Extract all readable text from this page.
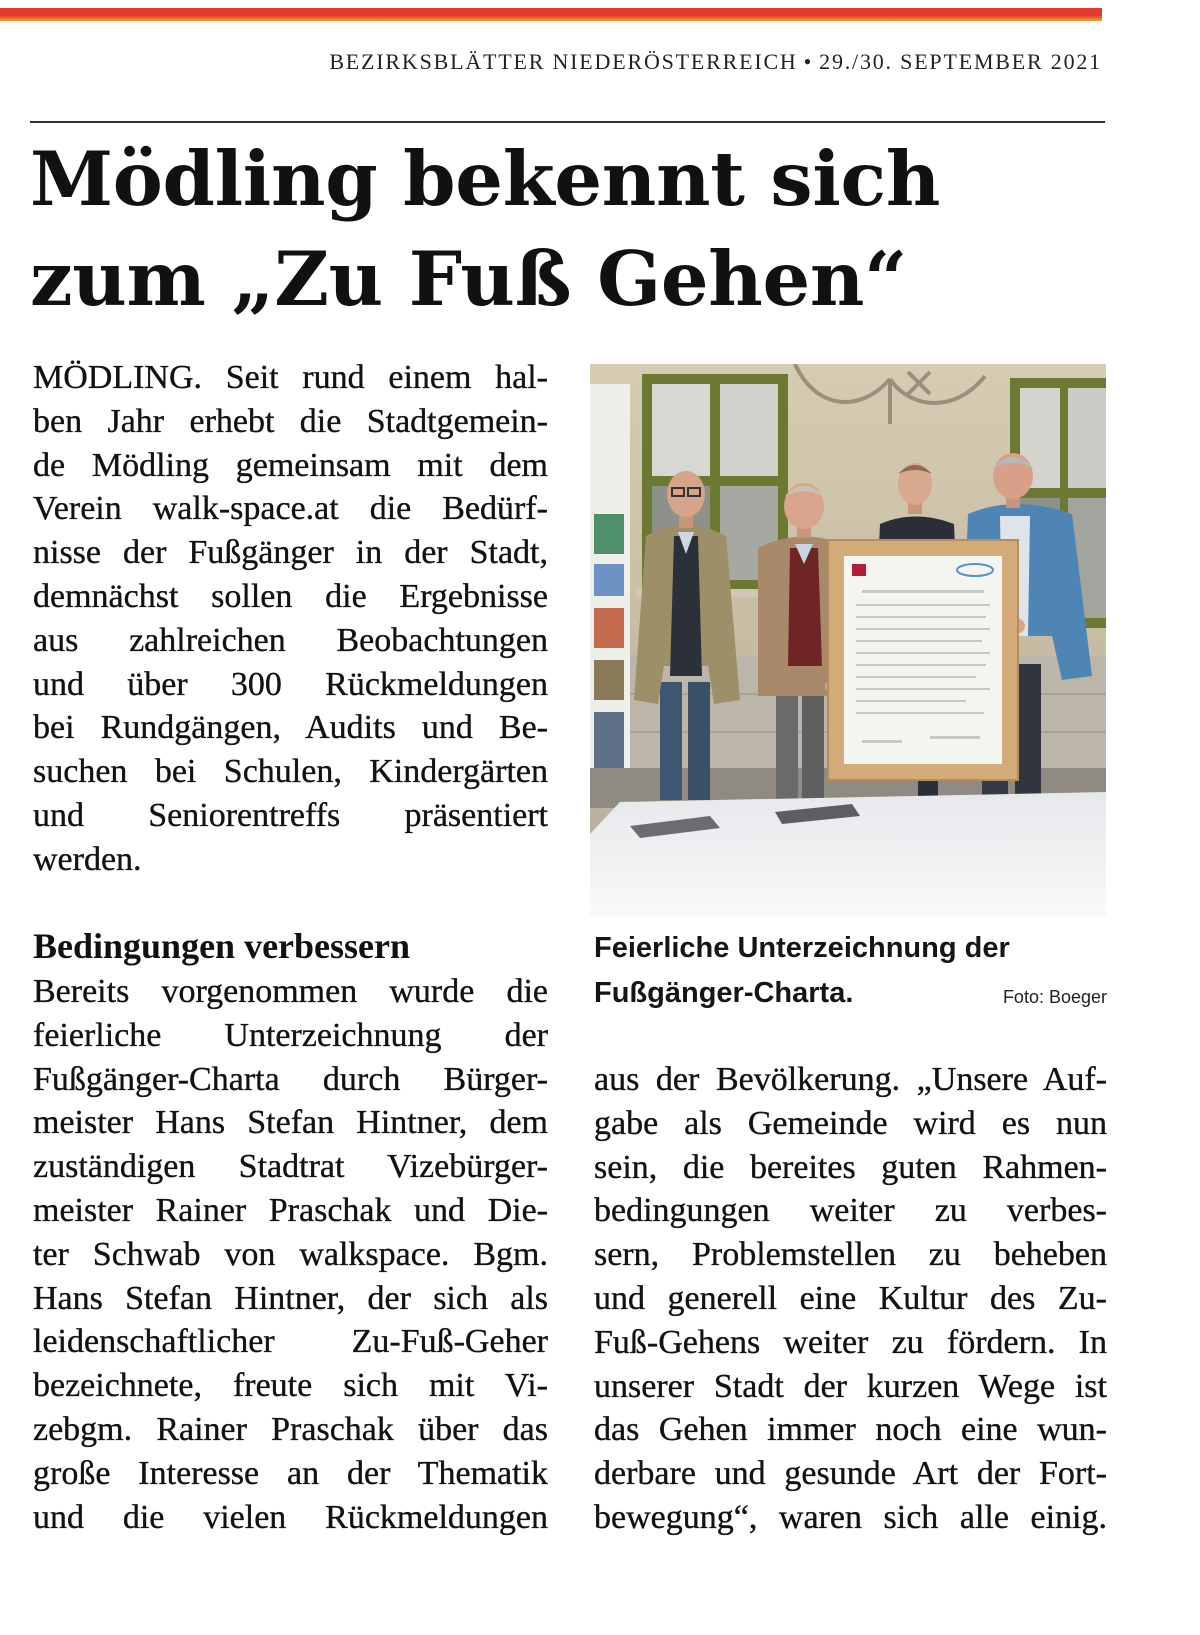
BEZIRKSBLÄTTER NIEDERÖSTERREICH • 29./30. SEPTEMBER 2021
Mödling bekennt sich
zum „Zu Fuß Gehen“
MÖDLING. Seit rund einem hal-
ben Jahr erhebt die Stadtgemein-
de Mödling gemeinsam mit dem
Verein walk-space.at die Bedürf-
nisse der Fußgänger in der Stadt,
demnächst sollen die Ergebnisse
aus zahlreichen Beobachtungen
und über 300 Rückmeldungen
bei Rundgängen, Audits und Be-
suchen bei Schulen, Kindergärten
und Seniorentreffs präsentiert
werden.
Bedingungen verbessern
Bereits vorgenommen wurde die
feierliche Unterzeichnung der
Fußgänger-Charta durch Bürger-
meister Hans Stefan Hintner, dem
zuständigen Stadtrat Vizebürger-
meister Rainer Praschak und Die-
ter Schwab von walkspace. Bgm.
Hans Stefan Hintner, der sich als
leidenschaftlicher Zu-Fuß-Geher
bezeichnete, freute sich mit Vi-
zebgm. Rainer Praschak über das
große Interesse an der Thematik
und die vielen Rückmeldungen
Feierliche Unterzeichnung der
Fußgänger-Charta.	Foto: Boeger
aus der Bevölkerung. „Unsere Auf-
gabe als Gemeinde wird es nun
sein, die bereites guten Rahmen-
bedingungen weiter zu verbes-
sern, Problemstellen zu beheben
und generell eine Kultur des Zu-
Fuß-Gehens weiter zu fördern. In
unserer Stadt der kurzen Wege ist
das Gehen immer noch eine wun-
derbare und gesunde Art der Fort-
bewegung“, waren sich alle einig.
